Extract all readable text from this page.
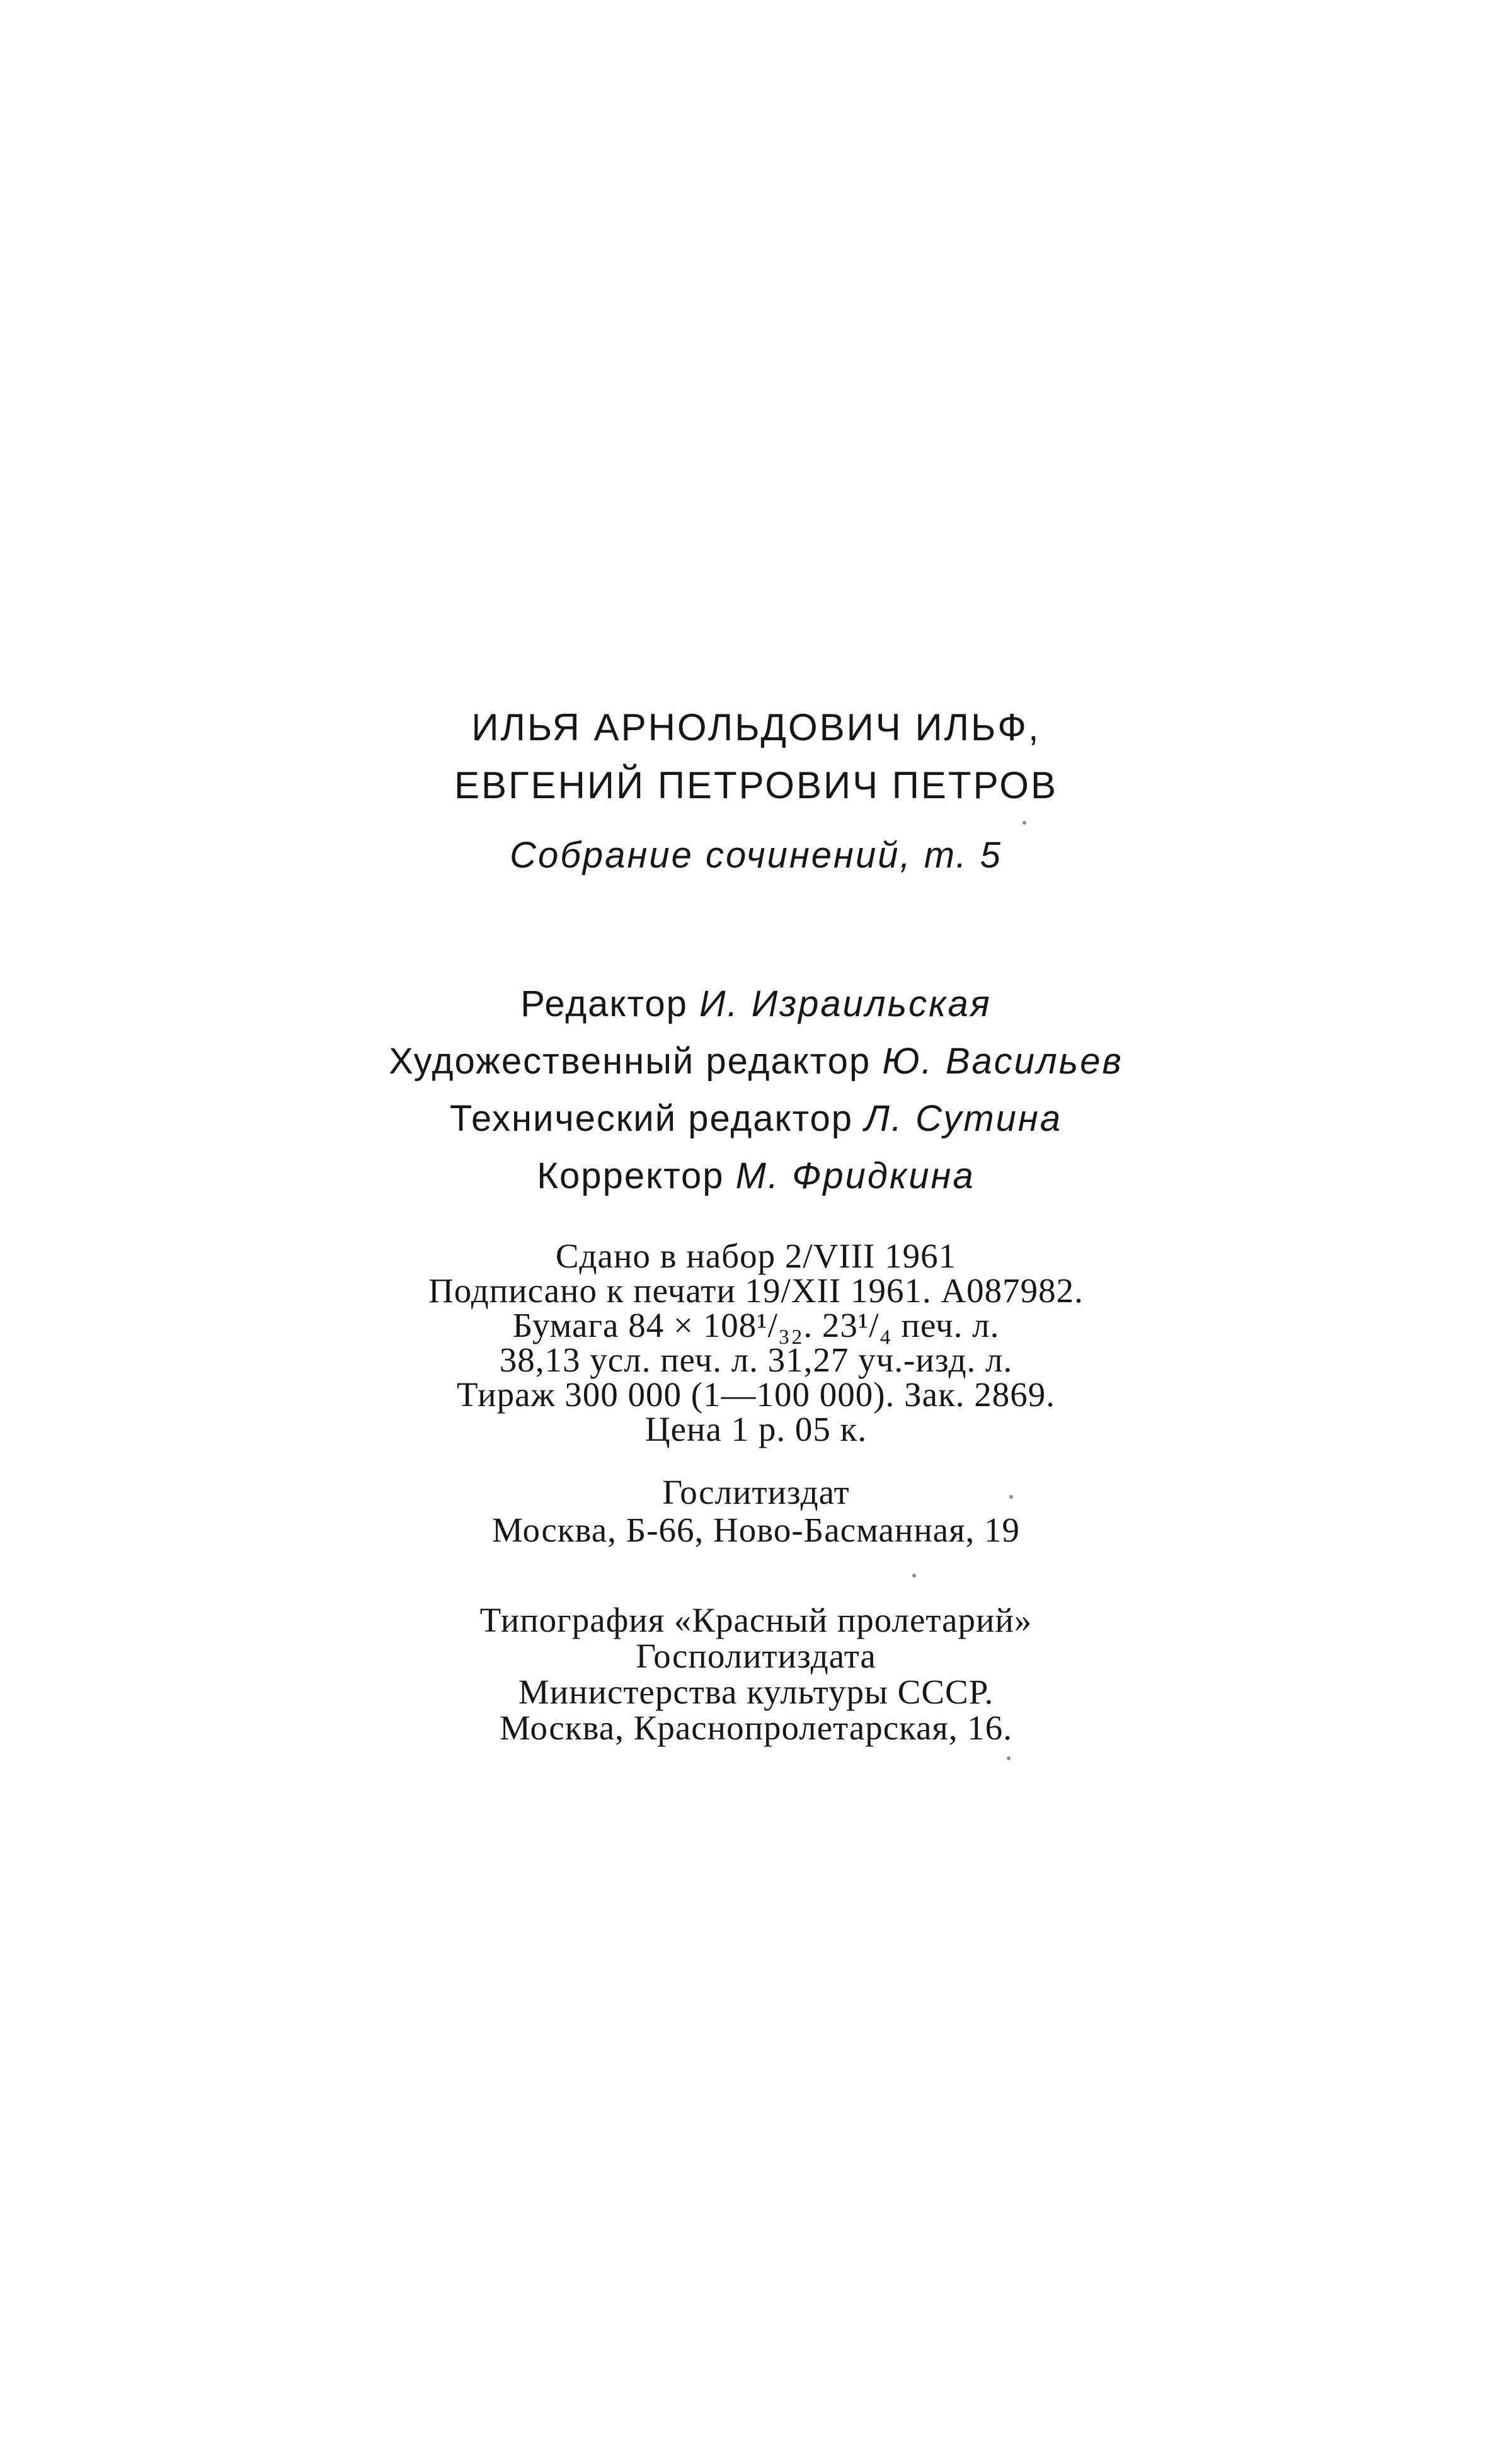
ИЛЬЯ АРНОЛЬДОВИЧ ИЛЬФ,
ЕВГЕНИЙ ПЕТРОВИЧ ПЕТРОВ
Собрание сочинений, т. 5
Редактор И. Израильская
Художественный редактор Ю. Васильев
Технический редактор Л. Сутина
Корректор М. Фридкина
Сдано в набор 2/VIII 1961
Подписано к печати 19/XII 1961. А087982.
Бумага 84 × 108¹/₃₂. 23¹/₄ печ. л.
38,13 усл. печ. л. 31,27 уч.-изд. л.
Тираж 300 000 (1—100 000). Зак. 2869.
Цена 1 р. 05 к.
Гослитиздат
Москва, Б-66, Ново-Басманная, 19
Типография «Красный пролетарий»
Госполитиздата
Министерства культуры СССР.
Москва, Краснопролетарская, 16.
